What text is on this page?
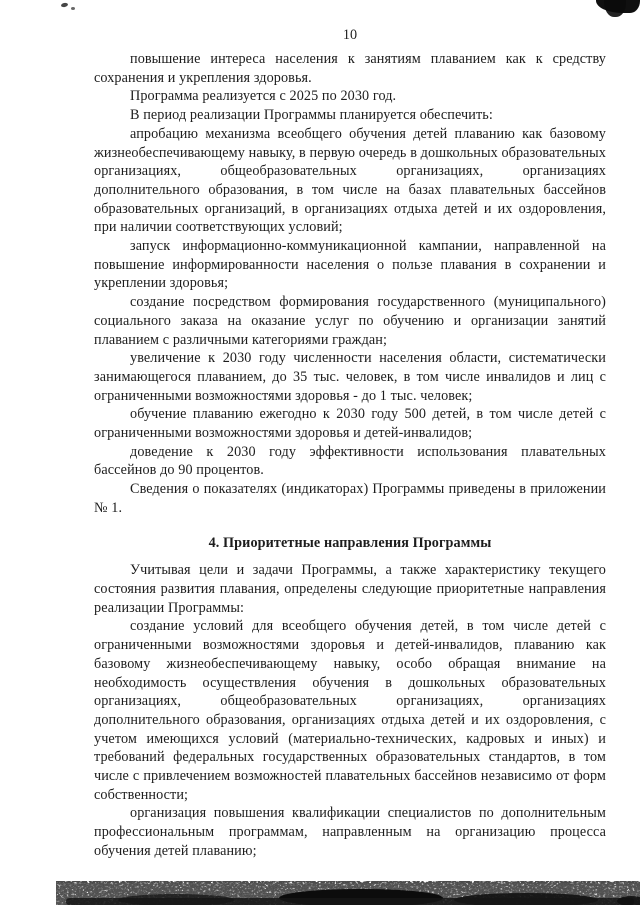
10

повышение интереса населения к занятиям плаванием как к средству сохранения и укрепления здоровья.

Программа реализуется с 2025 по 2030 год.

В период реализации Программы планируется обеспечить:

апробацию механизма всеобщего обучения детей плаванию как базовому жизнеобеспечивающему навыку, в первую очередь в дошкольных образовательных организациях, общеобразовательных организациях, организациях дополнительного образования, в том числе на базах плавательных бассейнов образовательных организаций, в организациях отдыха детей и их оздоровления, при наличии соответствующих условий;

запуск информационно-коммуникационной кампании, направленной на повышение информированности населения о пользе плавания в сохранении и укреплении здоровья;

создание посредством формирования государственного (муниципального) социального заказа на оказание услуг по обучению и организации занятий плаванием с различными категориями граждан;

увеличение к 2030 году численности населения области, систематически занимающегося плаванием, до 35 тыс. человек, в том числе инвалидов и лиц с ограниченными возможностями здоровья - до 1 тыс. человек;

обучение плаванию ежегодно к 2030 году 500 детей, в том числе детей с ограниченными возможностями здоровья и детей-инвалидов;

доведение к 2030 году эффективности использования плавательных бассейнов до 90 процентов.

Сведения о показателях (индикаторах) Программы приведены в приложении № 1.

4. Приоритетные направления Программы

Учитывая цели и задачи Программы, а также характеристику текущего состояния развития плавания, определены следующие приоритетные направления реализации Программы:

создание условий для всеобщего обучения детей, в том числе детей с ограниченными возможностями здоровья и детей-инвалидов, плаванию как базовому жизнеобеспечивающему навыку, особо обращая внимание на необходимость осуществления обучения в дошкольных образовательных организациях, общеобразовательных организациях, организациях дополнительного образования, организациях отдыха детей и их оздоровления, с учетом имеющихся условий (материально-технических, кадровых и иных) и требований федеральных государственных образовательных стандартов, в том числе с привлечением возможностей плавательных бассейнов независимо от форм собственности;

организация повышения квалификации специалистов по дополнительным профессиональным программам, направленным на организацию процесса обучения детей плаванию;
